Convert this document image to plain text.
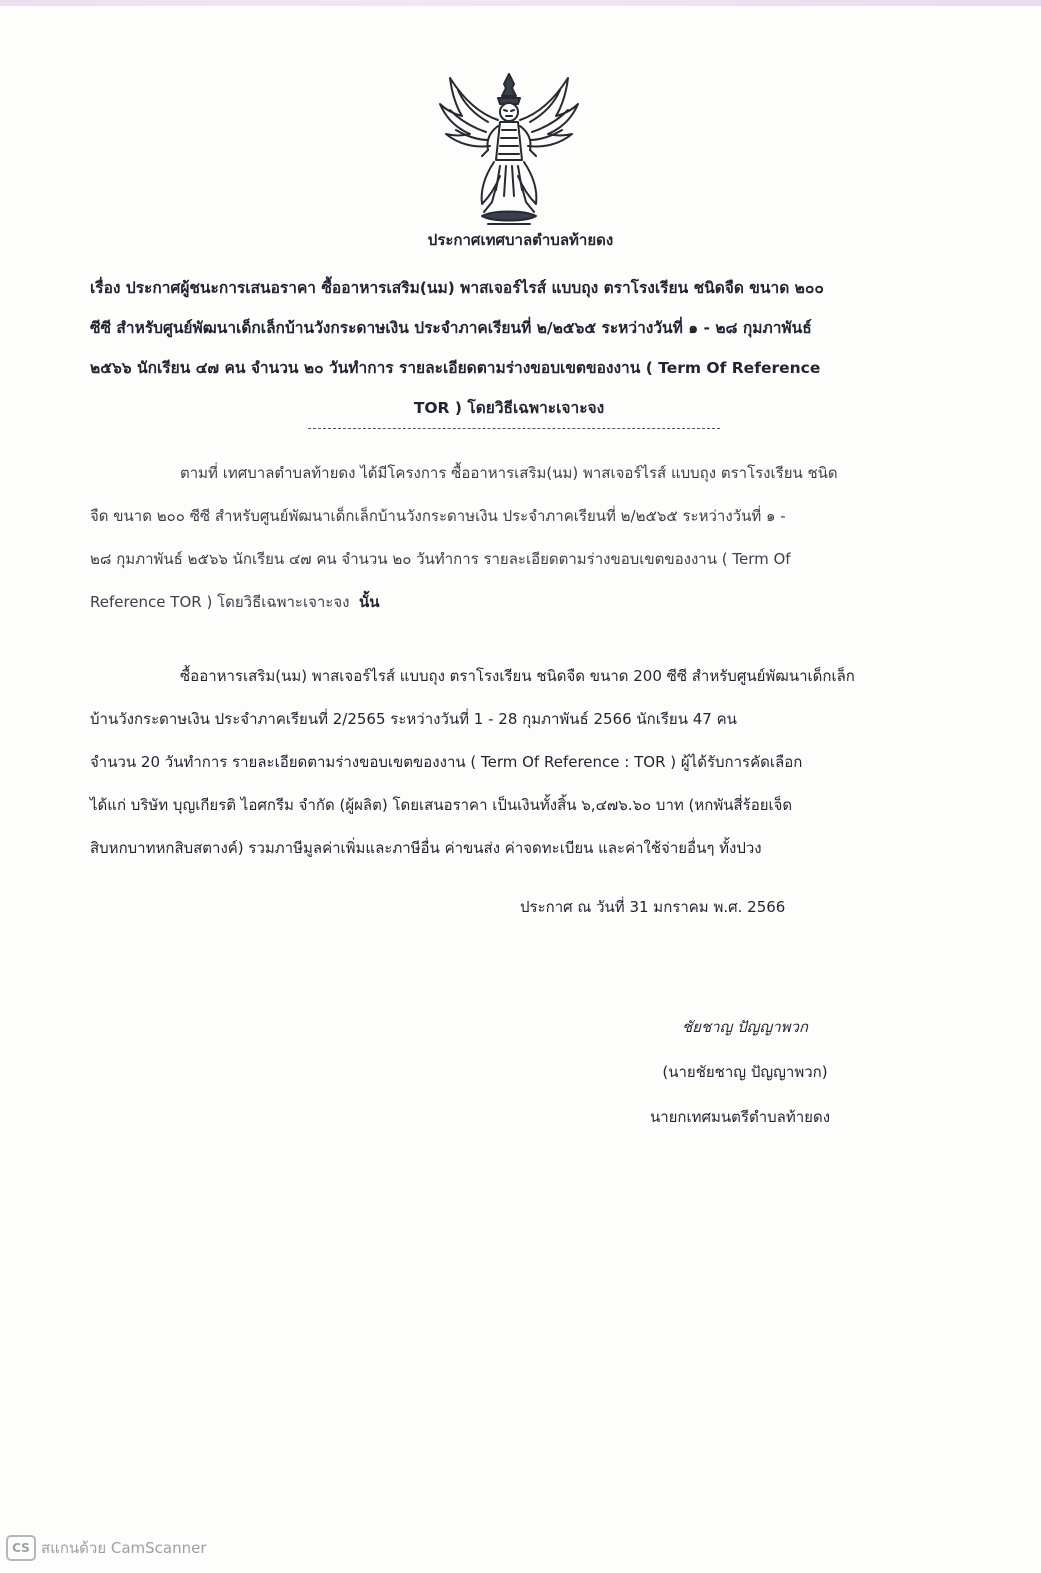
ประกาศเทศบาลตำบลท้ายดง
เรื่อง ประกาศผู้ชนะการเสนอราคา ซื้ออาหารเสริม(นม) พาสเจอร์ไรส์ แบบถุง ตราโรงเรียน ชนิดจืด ขนาด ๒๐๐
ซีซี สำหรับศูนย์พัฒนาเด็กเล็กบ้านวังกระดาษเงิน ประจำภาคเรียนที่ ๒/๒๕๖๕ ระหว่างวันที่ ๑ - ๒๘ กุมภาพันธ์
๒๕๖๖ นักเรียน ๔๗ คน จำนวน ๒๐ วันทำการ รายละเอียดตามร่างขอบเขตของงาน ( Term Of Reference
TOR ) โดยวิธีเฉพาะเจาะจง
ตามที่ เทศบาลตำบลท้ายดง ได้มีโครงการ ซื้ออาหารเสริม(นม) พาสเจอร์ไรส์ แบบถุง ตราโรงเรียน ชนิด
จืด ขนาด ๒๐๐ ซีซี สำหรับศูนย์พัฒนาเด็กเล็กบ้านวังกระดาษเงิน ประจำภาคเรียนที่ ๒/๒๕๖๕ ระหว่างวันที่ ๑ -
๒๘ กุมภาพันธ์ ๒๕๖๖ นักเรียน ๔๗ คน จำนวน ๒๐ วันทำการ รายละเอียดตามร่างขอบเขตของงาน ( Term Of
Reference TOR ) โดยวิธีเฉพาะเจาะจง นั้น
ซื้ออาหารเสริม(นม) พาสเจอร์ไรส์ แบบถุง ตราโรงเรียน ชนิดจืด ขนาด 200 ซีซี สำหรับศูนย์พัฒนาเด็กเล็ก
บ้านวังกระดาษเงิน ประจำภาคเรียนที่ 2/2565 ระหว่างวันที่ 1 - 28 กุมภาพันธ์ 2566 นักเรียน 47 คน
จำนวน 20 วันทำการ รายละเอียดตามร่างขอบเขตของงาน ( Term Of Reference : TOR ) ผู้ได้รับการคัดเลือก
ได้แก่ บริษัท บุญเกียรติ ไอศกรีม จำกัด (ผู้ผลิต) โดยเสนอราคา เป็นเงินทั้งสิ้น ๖,๔๗๖.๖๐ บาท (หกพันสี่ร้อยเจ็ด
สิบหกบาทหกสิบสตางค์) รวมภาษีมูลค่าเพิ่มและภาษีอื่น ค่าขนส่ง ค่าจดทะเบียน และค่าใช้จ่ายอื่นๆ ทั้งปวง
ประกาศ ณ วันที่ 31 มกราคม พ.ศ. 2566
ชัยชาญ ปัญญาพวก
(นายชัยชาญ ปัญญาพวก)
นายกเทศมนตรีตำบลท้ายดง
CS สแกนด้วย CamScanner
